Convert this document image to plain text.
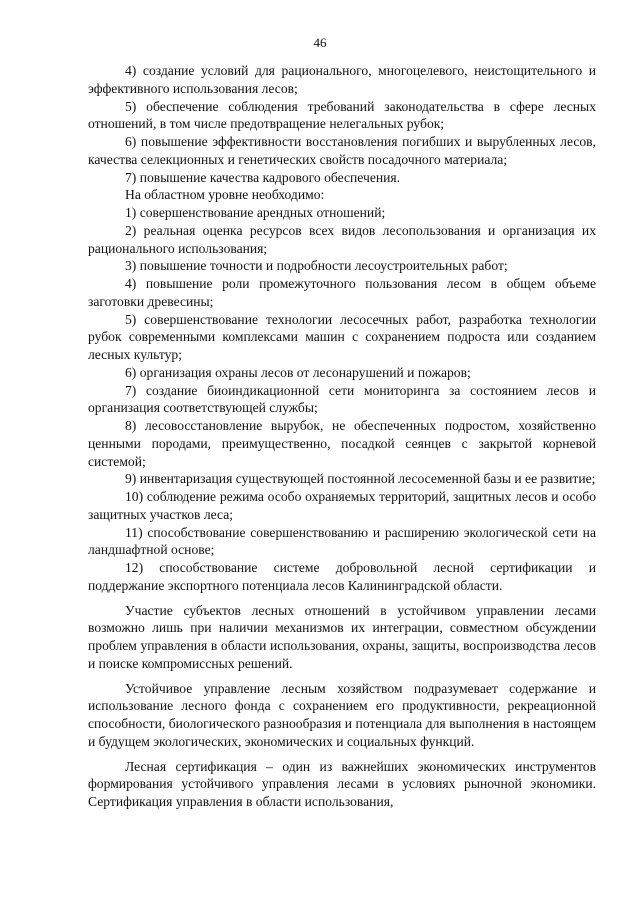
46

4) создание условий для рационального, многоцелевого, неистощительного и эффективного использования лесов;

5) обеспечение соблюдения требований законодательства в сфере лесных отношений, в том числе предотвращение нелегальных рубок;

6) повышение эффективности восстановления погибших и вырубленных лесов, качества селекционных и генетических свойств посадочного материала;

7) повышение качества кадрового обеспечения.

На областном уровне необходимо:

1) совершенствование арендных отношений;

2) реальная оценка ресурсов всех видов лесопользования и организация их рационального использования;

3) повышение точности и подробности лесоустроительных работ;

4) повышение роли промежуточного пользования лесом в общем объеме заготовки древесины;

5) совершенствование технологии лесосечных работ, разработка технологии рубок современными комплексами машин с сохранением подроста или созданием лесных культур;

6) организация охраны лесов от лесонарушений и пожаров;

7) создание биоиндикационной сети мониторинга за состоянием лесов и организация соответствующей службы;

8) лесовосстановление вырубок, не обеспеченных подростом, хозяйственно ценными породами, преимущественно, посадкой сеянцев с закрытой корневой системой;

9) инвентаризация существующей постоянной лесосеменной базы и ее развитие;

10) соблюдение режима особо охраняемых территорий, защитных лесов и особо защитных участков леса;

11) способствование совершенствованию и расширению экологической сети на ландшафтной основе;

12) способствование системе добровольной лесной сертификации и поддержание экспортного потенциала лесов Калининградской области.

Участие субъектов лесных отношений в устойчивом управлении лесами возможно лишь при наличии механизмов их интеграции, совместном обсуждении проблем управления в области использования, охраны, защиты, воспроизводства лесов и поиске компромиссных решений.

Устойчивое управление лесным хозяйством подразумевает содержание и использование лесного фонда с сохранением его продуктивности, рекреационной способности, биологического разнообразия и потенциала для выполнения в настоящем и будущем экологических, экономических и социальных функций.

Лесная сертификация – один из важнейших экономических инструментов формирования устойчивого управления лесами в условиях рыночной экономики. Сертификация управления в области использования,
